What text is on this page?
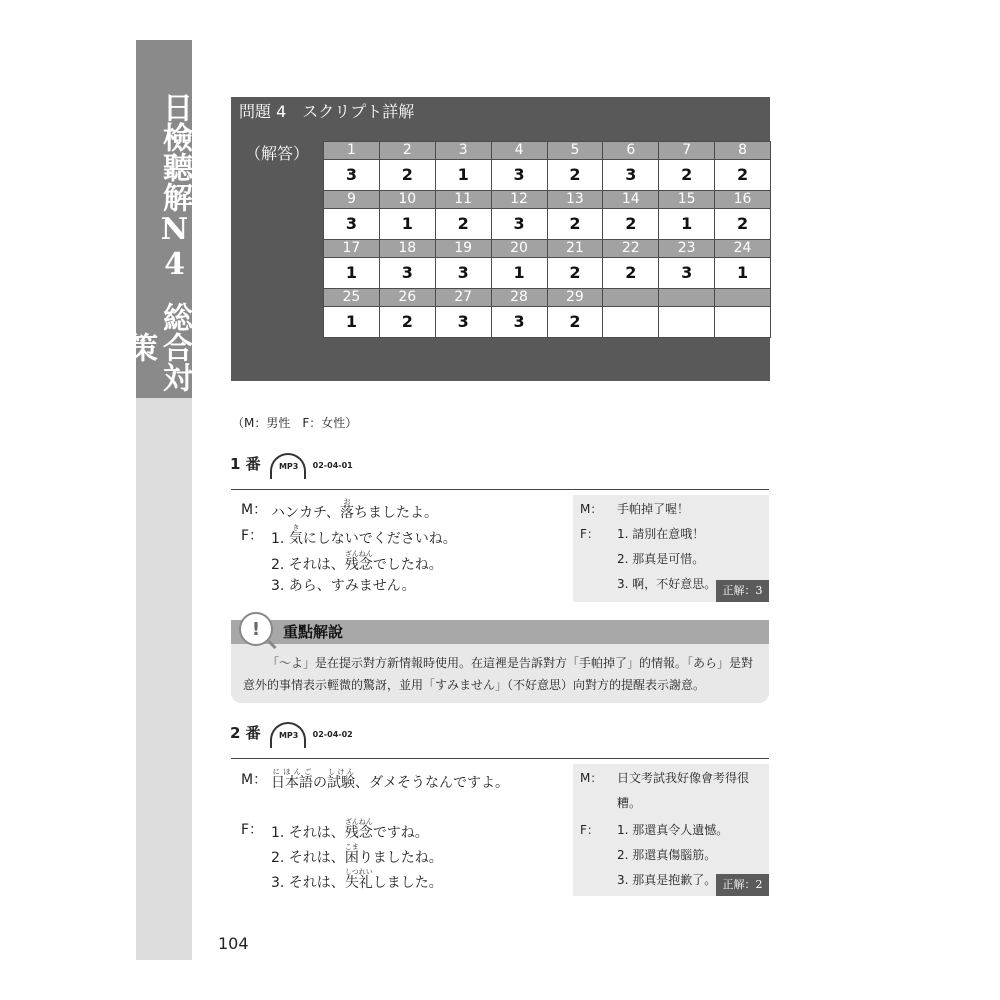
日檢聽解N4
総合対策
問題 4　スクリプト詳解
（解答）	1	2	3	4	5	6	7	8
3	2	1	3	2	3	2	2
9	10	11	12	13	14	15	16
3	1	2	3	2	2	1	2
17	18	19	20	21	22	23	24
1	3	3	1	2	2	3	1
25	26	27	28	29			
1	2	3	3	2			
（M：男性　F：女性）
1 番 MP3 02-04-01
M： ハンカチ、落おちましたよ。
F： 1. 気きにしないでくださいね。
2. それは、残念ざんねんでしたね。
3. あら、すみません。
M： 手帕掉了喔！
F： 1. 請別在意哦！
2. 那真是可惜。
3. 啊，不好意思。 正解：3
!	重點解說
「～よ」是在提示對方新情報時使用。在這裡是告訴對方「手帕掉了」的情報。「あら」是對意外的事情表示輕微的驚訝，並用「すみません」（不好意思）向對方的提醒表示謝意。
2 番 MP3 02-04-02
M： 日本語にほんごの試験しけん、ダメそうなんですよ。
F： 1. それは、残念ざんねんですね。
2. それは、困こまりましたね。
3. それは、失礼しつれいしました。
M： 日文考試我好像會考得很
糟。
F： 1. 那還真令人遺憾。
2. 那還真傷腦筋。
3. 那真是抱歉了。 正解：2
104
